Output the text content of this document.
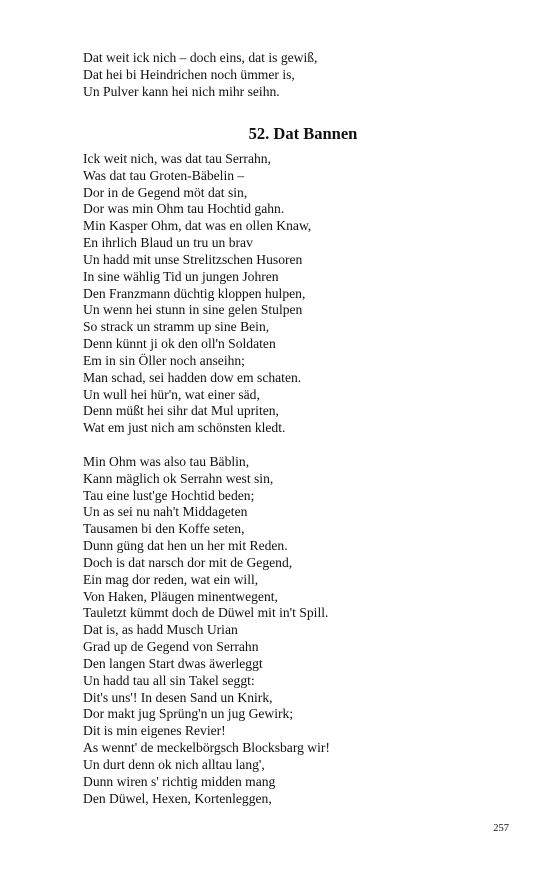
Dat weit ick nich – doch eins, dat is gewiß,
Dat hei bi Heindrichen noch ümmer is,
Un Pulver kann hei nich mihr seihn.
52. Dat Bannen
Ick weit nich, was dat tau Serrahn,
Was dat tau Groten-Bäbelin –
Dor in de Gegend möt dat sin,
Dor was min Ohm tau Hochtid gahn.
Min Kasper Ohm, dat was en ollen Knaw,
En ihrlich Blaud un tru un brav
Un hadd mit unse Strelitzschen Husoren
In sine wählig Tid un jungen Johren
Den Franzmann düchtig kloppen hulpen,
Un wenn hei stunn in sine gelen Stulpen
So strack un stramm up sine Bein,
Denn künnt ji ok den oll'n Soldaten
Em in sin Öller noch anseihn;
Man schad, sei hadden dow em schaten.
Un wull hei hür'n, wat einer säd,
Denn müßt hei sihr dat Mul upriten,
Wat em just nich am schönsten kledt.
Min Ohm was also tau Bäblin,
Kann mäglich ok Serrahn west sin,
Tau eine lust'ge Hochtid beden;
Un as sei nu nah't Middageten
Tausamen bi den Koffe seten,
Dunn güng dat hen un her mit Reden.
Doch is dat narsch dor mit de Gegend,
Ein mag dor reden, wat ein will,
Von Haken, Pläugen minentwegent,
Tauletzt kümmt doch de Düwel mit in't Spill.
Dat is, as hadd Musch Urian
Grad up de Gegend von Serrahn
Den langen Start dwas äwerleggt
Un hadd tau all sin Takel seggt:
Dit's uns'! In desen Sand un Knirk,
Dor makt jug Sprüng'n un jug Gewirk;
Dit is min eigenes Revier!
As wennt' de meckelbörgsch Blocksbarg wir!
Un durt denn ok nich alltau lang',
Dunn wiren s' richtig midden mang
Den Düwel, Hexen, Kortenleggen,
257
